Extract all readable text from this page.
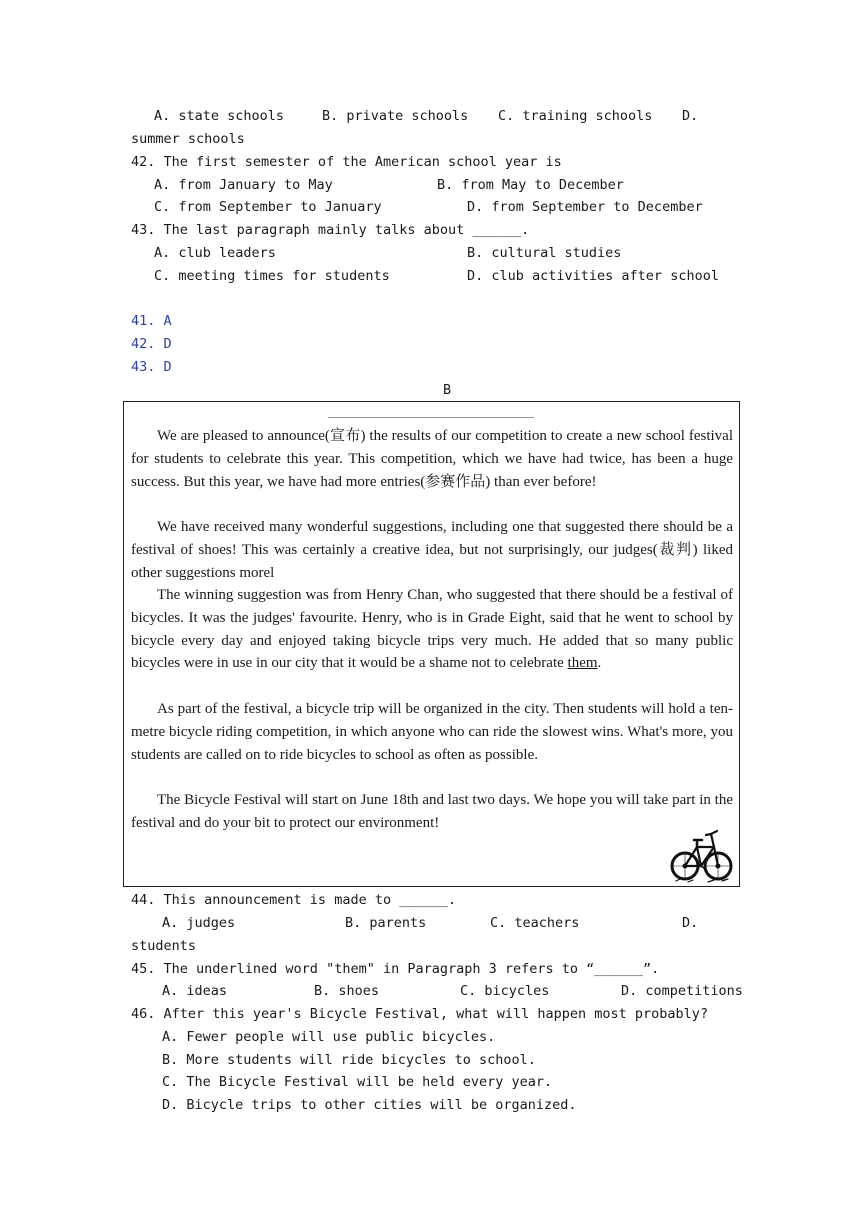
A. state schools	B. private schools C. training schools D.
summer schools
42. The first semester of the American school year is
A. from January to May	B. from May to December
C. from September to January	D. from September to December
43. The last paragraph mainly talks about ______.
A. club leaders	B. cultural studies
C. meeting times for students	D. club activities after school
41. A
42. D
43. D
B

We are pleased to announce(宣布) the results of our competition to create a new school festival for students to celebrate this year. This competition, which we have had twice, has been a huge success. But this year, we have had more entries(参赛作品) than ever before!

We have received many wonderful suggestions, including one that suggested there should be a festival of shoes! This was certainly a creative idea, but not surprisingly, our judges(裁判) liked other suggestions morel

The winning suggestion was from Henry Chan, who suggested that there should be a festival of bicycles. It was the judges' favourite. Henry, who is in Grade Eight, said that he went to school by bicycle every day and enjoyed taking bicycle trips very much. He added that so many public bicycles were in use in our city that it would be a shame not to celebrate them.

As part of the festival, a bicycle trip will be organized in the city. Then students will hold a ten-metre bicycle riding competition, in which anyone who can ride the slowest wins. What's more, you students are called on to ride bicycles to school as often as possible.

The Bicycle Festival will start on June 18th and last two days. We hope you will take part in the festival and do your bit to protect our environment!

44. This announcement is made to ______.
A. judges	B. parents	C. teachers	D.
students
45. The underlined word "them" in Paragraph 3 refers to “______”.
A. ideas	B. shoes	C. bicycles	D. competitions
46. After this year's Bicycle Festival, what will happen most probably?
A. Fewer people will use public bicycles.
B. More students will ride bicycles to school.
C. The Bicycle Festival will be held every year.
D. Bicycle trips to other cities will be organized.
